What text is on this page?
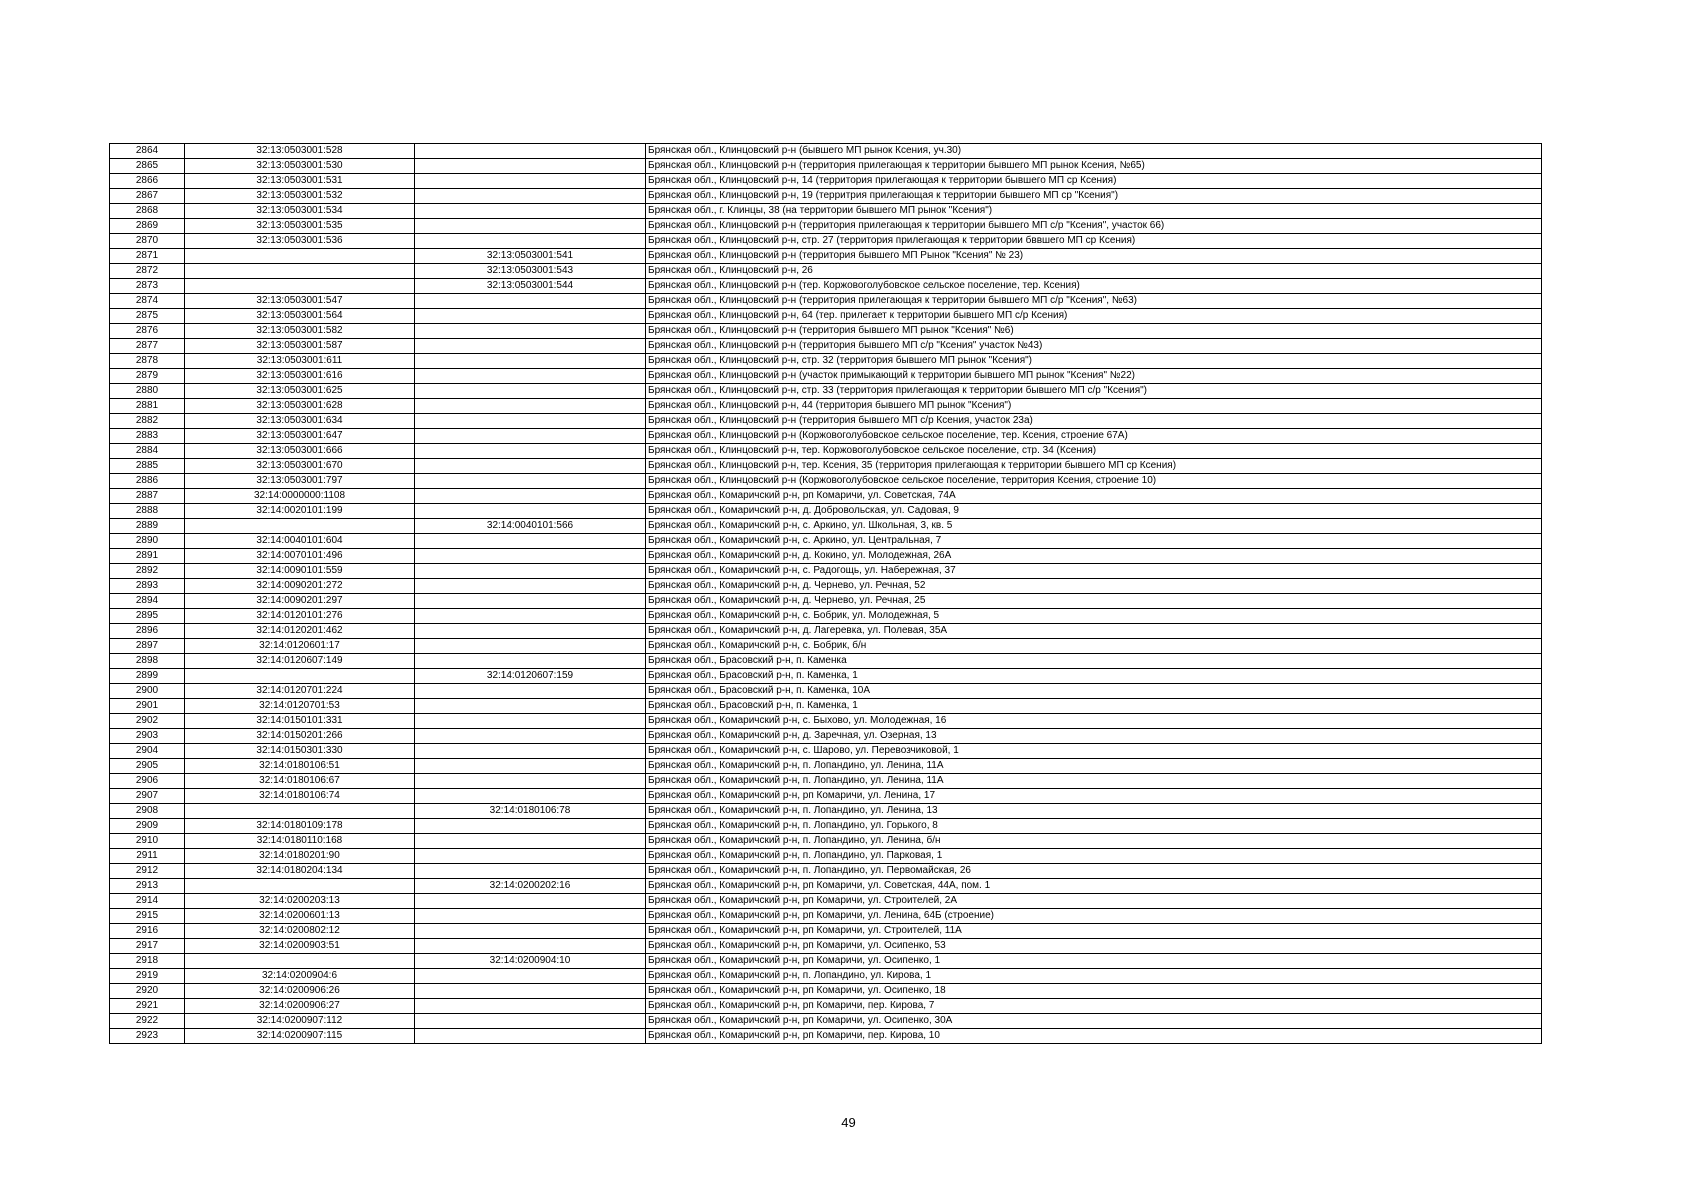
2864	32:13:0503001:528		Брянская обл., Клинцовский р-н (бывшего МП рынок Ксения, уч.30)
2865	32:13:0503001:530		Брянская обл., Клинцовский р-н (территория прилегающая к территории бывшего МП рынок Ксения, №65)
2866	32:13:0503001:531		Брянская обл., Клинцовский р-н, 14 (территория прилегающая к территории бывшего МП ср Ксения)
2867	32:13:0503001:532		Брянская обл., Клинцовский р-н, 19 (территрия прилегающая к территории бывшего МП ср "Ксения")
2868	32:13:0503001:534		Брянская обл., г. Клинцы, 38 (на территории бывшего МП рынок "Ксения")
2869	32:13:0503001:535		Брянская обл., Клинцовский р-н (территория прилегающая к территории бывшего МП с/р "Ксения", участок 66)
2870	32:13:0503001:536		Брянская обл., Клинцовский р-н, стр. 27 (территория прилегающая к территории бввшего МП ср Ксения)
2871		32:13:0503001:541	Брянская обл., Клинцовский р-н (территория бывшего МП Рынок "Ксения" № 23)
2872		32:13:0503001:543	Брянская обл., Клинцовский р-н, 26
2873		32:13:0503001:544	Брянская обл., Клинцовский р-н (тер. Коржовоголубовское сельское поселение, тер. Ксения)
2874	32:13:0503001:547		Брянская обл., Клинцовский р-н (территория прилегающая к территории бывшего МП с/р "Ксения", №63)
2875	32:13:0503001:564		Брянская обл., Клинцовский р-н, 64 (тер. прилегает к территории бывшего МП с/р Ксения)
2876	32:13:0503001:582		Брянская обл., Клинцовский р-н (территория бывшего МП рынок "Ксения" №6)
2877	32:13:0503001:587		Брянская обл., Клинцовский р-н (территория бывшего МП с/р "Ксения" участок №43)
2878	32:13:0503001:611		Брянская обл., Клинцовский р-н, стр. 32 (территория бывшего МП рынок "Ксения")
2879	32:13:0503001:616		Брянская обл., Клинцовский р-н (участок примыкающий к территории бывшего МП рынок "Ксения" №22)
2880	32:13:0503001:625		Брянская обл., Клинцовский р-н, стр. 33 (территория прилегающая к территории бывшего МП с/р "Ксения")
2881	32:13:0503001:628		Брянская обл., Клинцовский р-н, 44 (территория бывшего МП рынок "Ксения")
2882	32:13:0503001:634		Брянская обл., Клинцовский р-н (территория бывшего МП с/р Ксения, участок 23а)
2883	32:13:0503001:647		Брянская обл., Клинцовский р-н (Коржовоголубовское сельское поселение, тер. Ксения, строение 67А)
2884	32:13:0503001:666		Брянская обл., Клинцовский р-н, тер. Коржовоголубовское сельское поселение, стр. 34 (Ксения)
2885	32:13:0503001:670		Брянская обл., Клинцовский р-н, тер. Ксения, 35 (территория прилегающая к территории бывшего МП ср Ксения)
2886	32:13:0503001:797		Брянская обл., Клинцовский р-н (Коржовоголубовское сельское поселение, территория Ксения, строение 10)
2887	32:14:0000000:1108		Брянская обл., Комаричский р-н, рп Комаричи, ул. Советская, 74А
2888	32:14:0020101:199		Брянская обл., Комаричский р-н, д. Добровольская, ул. Садовая, 9
2889		32:14:0040101:566	Брянская обл., Комаричский р-н, с. Аркино, ул. Школьная, 3, кв. 5
2890	32:14:0040101:604		Брянская обл., Комаричский р-н, с. Аркино, ул. Центральная, 7
2891	32:14:0070101:496		Брянская обл., Комаричский р-н, д. Кокино, ул. Молодежная, 26А
2892	32:14:0090101:559		Брянская обл., Комаричский р-н, с. Радогощь, ул. Набережная, 37
2893	32:14:0090201:272		Брянская обл., Комаричский р-н, д. Чернево, ул. Речная, 52
2894	32:14:0090201:297		Брянская обл., Комаричский р-н, д. Чернево, ул. Речная, 25
2895	32:14:0120101:276		Брянская обл., Комаричский р-н, с. Бобрик, ул. Молодежная, 5
2896	32:14:0120201:462		Брянская обл., Комаричский р-н, д. Лагеревка, ул. Полевая, 35А
2897	32:14:0120601:17		Брянская обл., Комаричский р-н, с. Бобрик, б/н
2898	32:14:0120607:149		Брянская обл., Брасовский р-н, п. Каменка
2899		32:14:0120607:159	Брянская обл., Брасовский р-н, п. Каменка, 1
2900	32:14:0120701:224		Брянская обл., Брасовский р-н, п. Каменка, 10А
2901	32:14:0120701:53		Брянская обл., Брасовский р-н, п. Каменка, 1
2902	32:14:0150101:331		Брянская обл., Комаричский р-н, с. Быхово, ул. Молодежная, 16
2903	32:14:0150201:266		Брянская обл., Комаричский р-н, д. Заречная, ул. Озерная, 13
2904	32:14:0150301:330		Брянская обл., Комаричский р-н, с. Шарово, ул. Перевозчиковой, 1
2905	32:14:0180106:51		Брянская обл., Комаричский р-н, п. Лопандино, ул. Ленина, 11А
2906	32:14:0180106:67		Брянская обл., Комаричский р-н, п. Лопандино, ул. Ленина, 11А
2907	32:14:0180106:74		Брянская обл., Комаричский р-н, рп Комаричи, ул. Ленина, 17
2908		32:14:0180106:78	Брянская обл., Комаричский р-н, п. Лопандино, ул. Ленина, 13
2909	32:14:0180109:178		Брянская обл., Комаричский р-н, п. Лопандино, ул. Горького, 8
2910	32:14:0180110:168		Брянская обл., Комаричский р-н, п. Лопандино, ул. Ленина, б/н
2911	32:14:0180201:90		Брянская обл., Комаричский р-н, п. Лопандино, ул. Парковая, 1
2912	32:14:0180204:134		Брянская обл., Комаричский р-н, п. Лопандино, ул. Первомайская, 26
2913		32:14:0200202:16	Брянская обл., Комаричский р-н, рп Комаричи, ул. Советская, 44А, пом. 1
2914	32:14:0200203:13		Брянская обл., Комаричский р-н, рп Комаричи, ул. Строителей, 2А
2915	32:14:0200601:13		Брянская обл., Комаричский р-н, рп Комаричи, ул. Ленина, 64Б (строение)
2916	32:14:0200802:12		Брянская обл., Комаричский р-н, рп Комаричи, ул. Строителей, 11А
2917	32:14:0200903:51		Брянская обл., Комаричский р-н, рп Комаричи, ул. Осипенко, 53
2918		32:14:0200904:10	Брянская обл., Комаричский р-н, рп Комаричи, ул. Осипенко, 1
2919	32:14:0200904:6		Брянская обл., Комаричский р-н, п. Лопандино, ул. Кирова, 1
2920	32:14:0200906:26		Брянская обл., Комаричский р-н, рп Комаричи, ул. Осипенко, 18
2921	32:14:0200906:27		Брянская обл., Комаричский р-н, рп Комаричи, пер. Кирова, 7
2922	32:14:0200907:112		Брянская обл., Комаричский р-н, рп Комаричи, ул. Осипенко, 30А
2923	32:14:0200907:115		Брянская обл., Комаричский р-н, рп Комаричи, пер. Кирова, 10
49
